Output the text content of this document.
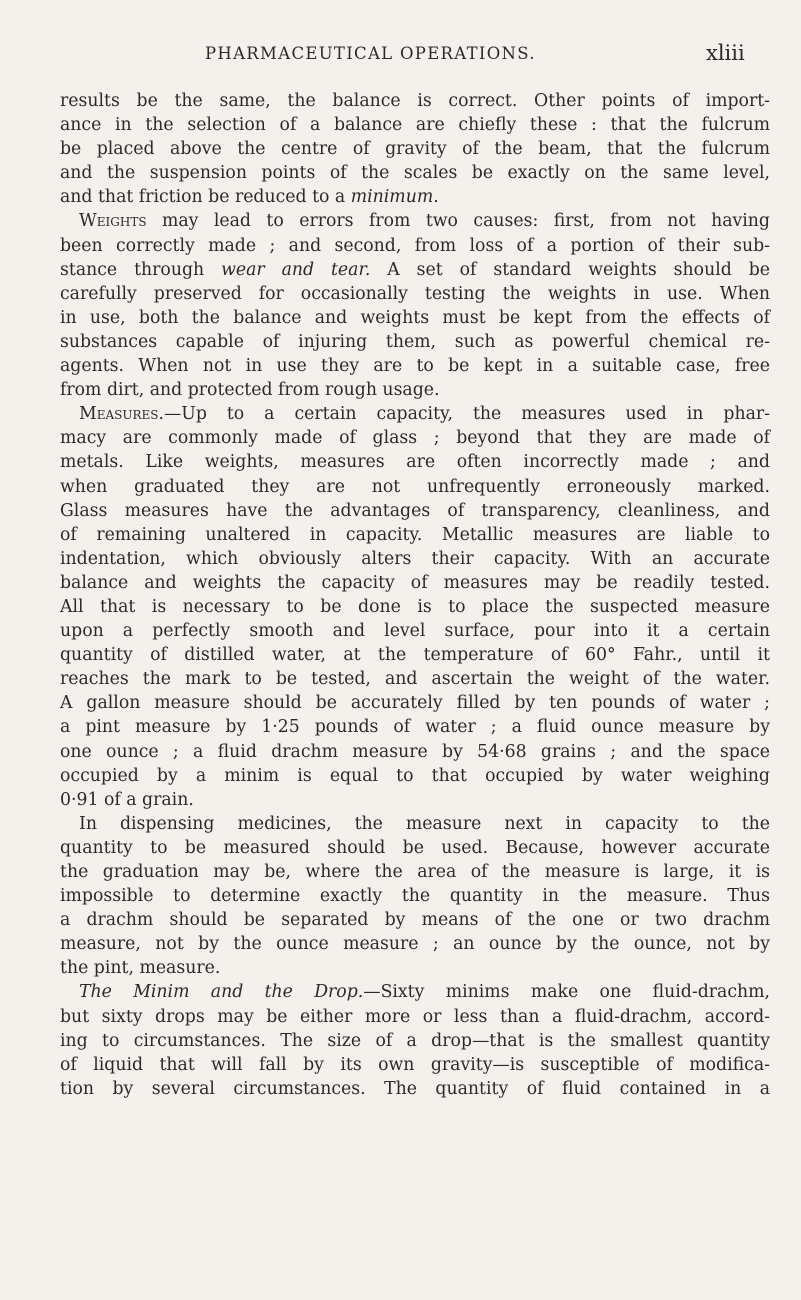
PHARMACEUTICAL OPERATIONS.	xliii
results be the same, the balance is correct. Other points of import-
ance in the selection of a balance are chiefly these : that the fulcrum
be placed above the centre of gravity of the beam, that the fulcrum
and the suspension points of the scales be exactly on the same level,
and that friction be reduced to a minimum.
Weights may lead to errors from two causes: first, from not having
been correctly made ; and second, from loss of a portion of their sub-
stance through wear and tear. A set of standard weights should be
carefully preserved for occasionally testing the weights in use. When
in use, both the balance and weights must be kept from the effects of
substances capable of injuring them, such as powerful chemical re-
agents. When not in use they are to be kept in a suitable case, free
from dirt, and protected from rough usage.
Measures.—Up to a certain capacity, the measures used in phar-
macy are commonly made of glass ; beyond that they are made of
metals. Like weights, measures are often incorrectly made ; and
when graduated they are not unfrequently erroneously marked.
Glass measures have the advantages of transparency, cleanliness, and
of remaining unaltered in capacity. Metallic measures are liable to
indentation, which obviously alters their capacity. With an accurate
balance and weights the capacity of measures may be readily tested.
All that is necessary to be done is to place the suspected measure
upon a perfectly smooth and level surface, pour into it a certain
quantity of distilled water, at the temperature of 60° Fahr., until it
reaches the mark to be tested, and ascertain the weight of the water.
A gallon measure should be accurately filled by ten pounds of water ;
a pint measure by 1·25 pounds of water ; a fluid ounce measure by
one ounce ; a fluid drachm measure by 54·68 grains ; and the space
occupied by a minim is equal to that occupied by water weighing
0·91 of a grain.
In dispensing medicines, the measure next in capacity to the
quantity to be measured should be used. Because, however accurate
the graduation may be, where the area of the measure is large, it is
impossible to determine exactly the quantity in the measure. Thus
a drachm should be separated by means of the one or two drachm
measure, not by the ounce measure ; an ounce by the ounce, not by
the pint, measure.
The Minim and the Drop.—Sixty minims make one fluid-drachm,
but sixty drops may be either more or less than a fluid-drachm, accord-
ing to circumstances. The size of a drop—that is the smallest quantity
of liquid that will fall by its own gravity—is susceptible of modifica-
tion by several circumstances. The quantity of fluid contained in a
